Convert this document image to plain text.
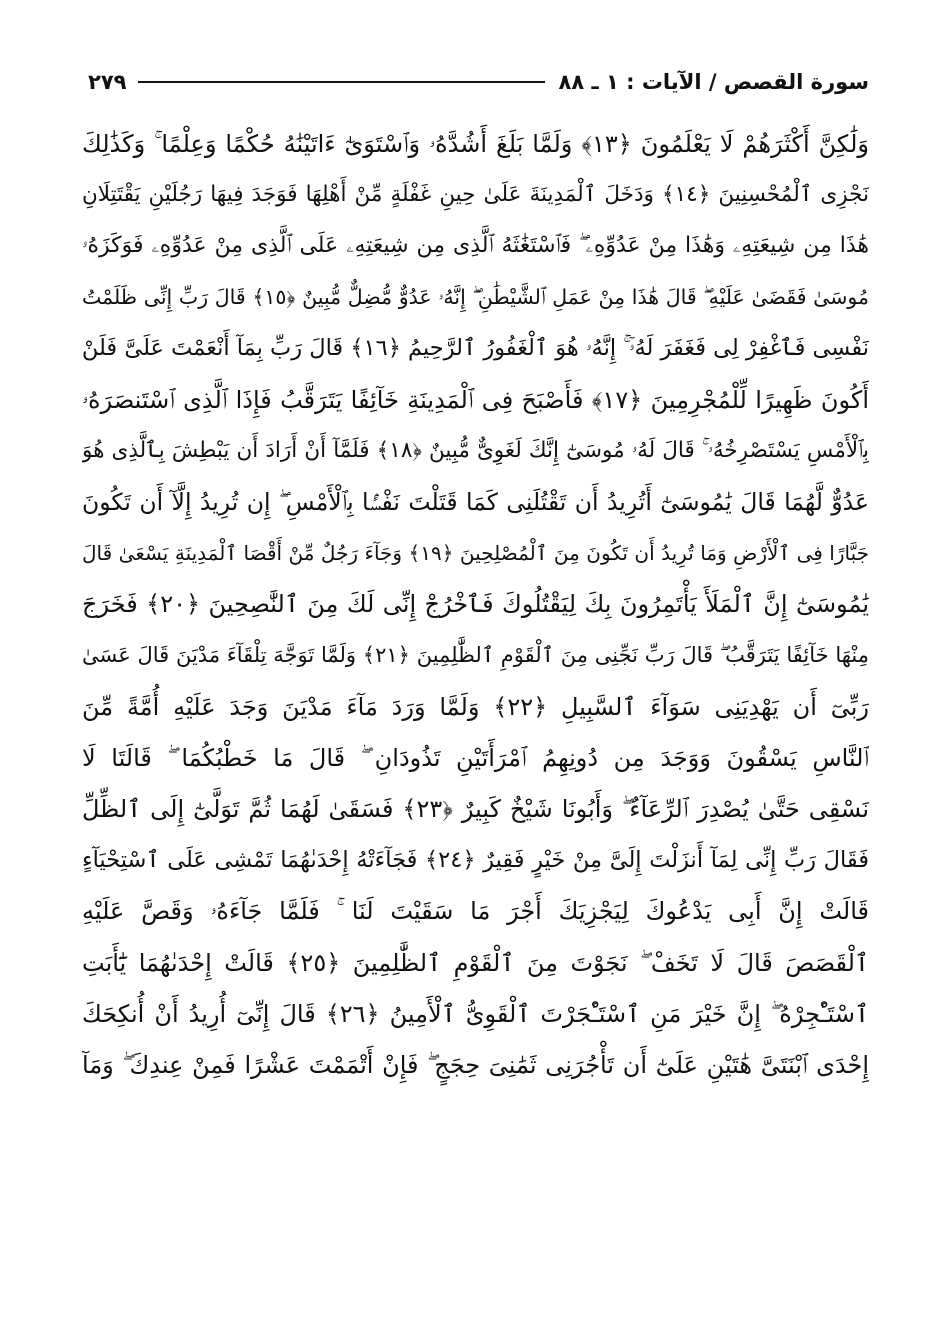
سورة القصص / الآيات : ١ ـ ٨٨
٢٧٩
وَلَٰكِنَّ أَكْثَرَهُمْ لَا يَعْلَمُونَ ﴿١٣﴾ وَلَمَّا بَلَغَ أَشُدَّهُۥ وَٱسْتَوَىٰٓ ءَاتَيْنَٰهُ حُكْمًا وَعِلْمًا ۚ وَكَذَٰلِكَ
نَجْزِى ٱلْمُحْسِنِينَ ﴿١٤﴾ وَدَخَلَ ٱلْمَدِينَةَ عَلَىٰ حِينِ غَفْلَةٍ مِّنْ أَهْلِهَا فَوَجَدَ فِيهَا رَجُلَيْنِ يَقْتَتِلَانِ
هَٰذَا مِن شِيعَتِهِۦ وَهَٰذَا مِنْ عَدُوِّهِۦ ۖ فَٱسْتَغَٰثَهُ ٱلَّذِى مِن شِيعَتِهِۦ عَلَى ٱلَّذِى مِنْ عَدُوِّهِۦ فَوَكَزَهُۥ
مُوسَىٰ فَقَضَىٰ عَلَيْهِ ۖ قَالَ هَٰذَا مِنْ عَمَلِ ٱلشَّيْطَٰنِ ۖ إِنَّهُۥ عَدُوٌّ مُّضِلٌّ مُّبِينٌ ﴿١٥﴾ قَالَ رَبِّ إِنِّى ظَلَمْتُ
نَفْسِى فَٱغْفِرْ لِى فَغَفَرَ لَهُۥٓ ۚ إِنَّهُۥ هُوَ ٱلْغَفُورُ ٱلرَّحِيمُ ﴿١٦﴾ قَالَ رَبِّ بِمَآ أَنْعَمْتَ عَلَىَّ فَلَنْ
أَكُونَ ظَهِيرًا لِّلْمُجْرِمِينَ ﴿١٧﴾ فَأَصْبَحَ فِى ٱلْمَدِينَةِ خَآئِفًا يَتَرَقَّبُ فَإِذَا ٱلَّذِى ٱسْتَنصَرَهُۥ
بِٱلْأَمْسِ يَسْتَصْرِخُهُۥ ۚ قَالَ لَهُۥ مُوسَىٰٓ إِنَّكَ لَغَوِىٌّ مُّبِينٌ ﴿١٨﴾ فَلَمَّآ أَنْ أَرَادَ أَن يَبْطِشَ بِٱلَّذِى هُوَ
عَدُوٌّ لَّهُمَا قَالَ يَٰمُوسَىٰٓ أَتُرِيدُ أَن تَقْتُلَنِى كَمَا قَتَلْتَ نَفْسًۢا بِٱلْأَمْسِ ۖ إِن تُرِيدُ إِلَّآ أَن تَكُونَ
جَبَّارًا فِى ٱلْأَرْضِ وَمَا تُرِيدُ أَن تَكُونَ مِنَ ٱلْمُصْلِحِينَ ﴿١٩﴾ وَجَآءَ رَجُلٌ مِّنْ أَقْصَا ٱلْمَدِينَةِ يَسْعَىٰ قَالَ
يَٰمُوسَىٰٓ إِنَّ ٱلْمَلَأَ يَأْتَمِرُونَ بِكَ لِيَقْتُلُوكَ فَٱخْرُجْ إِنِّى لَكَ مِنَ ٱلنَّٰصِحِينَ ﴿٢٠﴾ فَخَرَجَ
مِنْهَا خَآئِفًا يَتَرَقَّبُ ۖ قَالَ رَبِّ نَجِّنِى مِنَ ٱلْقَوْمِ ٱلظَّٰلِمِينَ ﴿٢١﴾ وَلَمَّا تَوَجَّهَ تِلْقَآءَ مَدْيَنَ قَالَ عَسَىٰ
رَبِّىٓ أَن يَهْدِيَنِى سَوَآءَ ٱلسَّبِيلِ ﴿٢٢﴾ وَلَمَّا وَرَدَ مَآءَ مَدْيَنَ وَجَدَ عَلَيْهِ أُمَّةً مِّنَ
ٱلنَّاسِ يَسْقُونَ وَوَجَدَ مِن دُونِهِمُ ٱمْرَأَتَيْنِ تَذُودَانِ ۖ قَالَ مَا خَطْبُكُمَا ۖ قَالَتَا لَا
نَسْقِى حَتَّىٰ يُصْدِرَ ٱلرِّعَآءُ ۖ وَأَبُونَا شَيْخٌ كَبِيرٌ ﴿٢٣﴾ فَسَقَىٰ لَهُمَا ثُمَّ تَوَلَّىٰٓ إِلَى ٱلظِّلِّ
فَقَالَ رَبِّ إِنِّى لِمَآ أَنزَلْتَ إِلَىَّ مِنْ خَيْرٍ فَقِيرٌ ﴿٢٤﴾ فَجَآءَتْهُ إِحْدَىٰهُمَا تَمْشِى عَلَى ٱسْتِحْيَآءٍ
قَالَتْ إِنَّ أَبِى يَدْعُوكَ لِيَجْزِيَكَ أَجْرَ مَا سَقَيْتَ لَنَا ۚ فَلَمَّا جَآءَهُۥ وَقَصَّ عَلَيْهِ
ٱلْقَصَصَ قَالَ لَا تَخَفْ ۖ نَجَوْتَ مِنَ ٱلْقَوْمِ ٱلظَّٰلِمِينَ ﴿٢٥﴾ قَالَتْ إِحْدَىٰهُمَا يَٰٓأَبَتِ
ٱسْتَـْٔجِرْهُ ۖ إِنَّ خَيْرَ مَنِ ٱسْتَـْٔجَرْتَ ٱلْقَوِىُّ ٱلْأَمِينُ ﴿٢٦﴾ قَالَ إِنِّىٓ أُرِيدُ أَنْ أُنكِحَكَ
إِحْدَى ٱبْنَتَىَّ هَٰتَيْنِ عَلَىٰٓ أَن تَأْجُرَنِى ثَمَٰنِىَ حِجَجٍ ۖ فَإِنْ أَتْمَمْتَ عَشْرًا فَمِنْ عِندِكَ ۖ وَمَآ
